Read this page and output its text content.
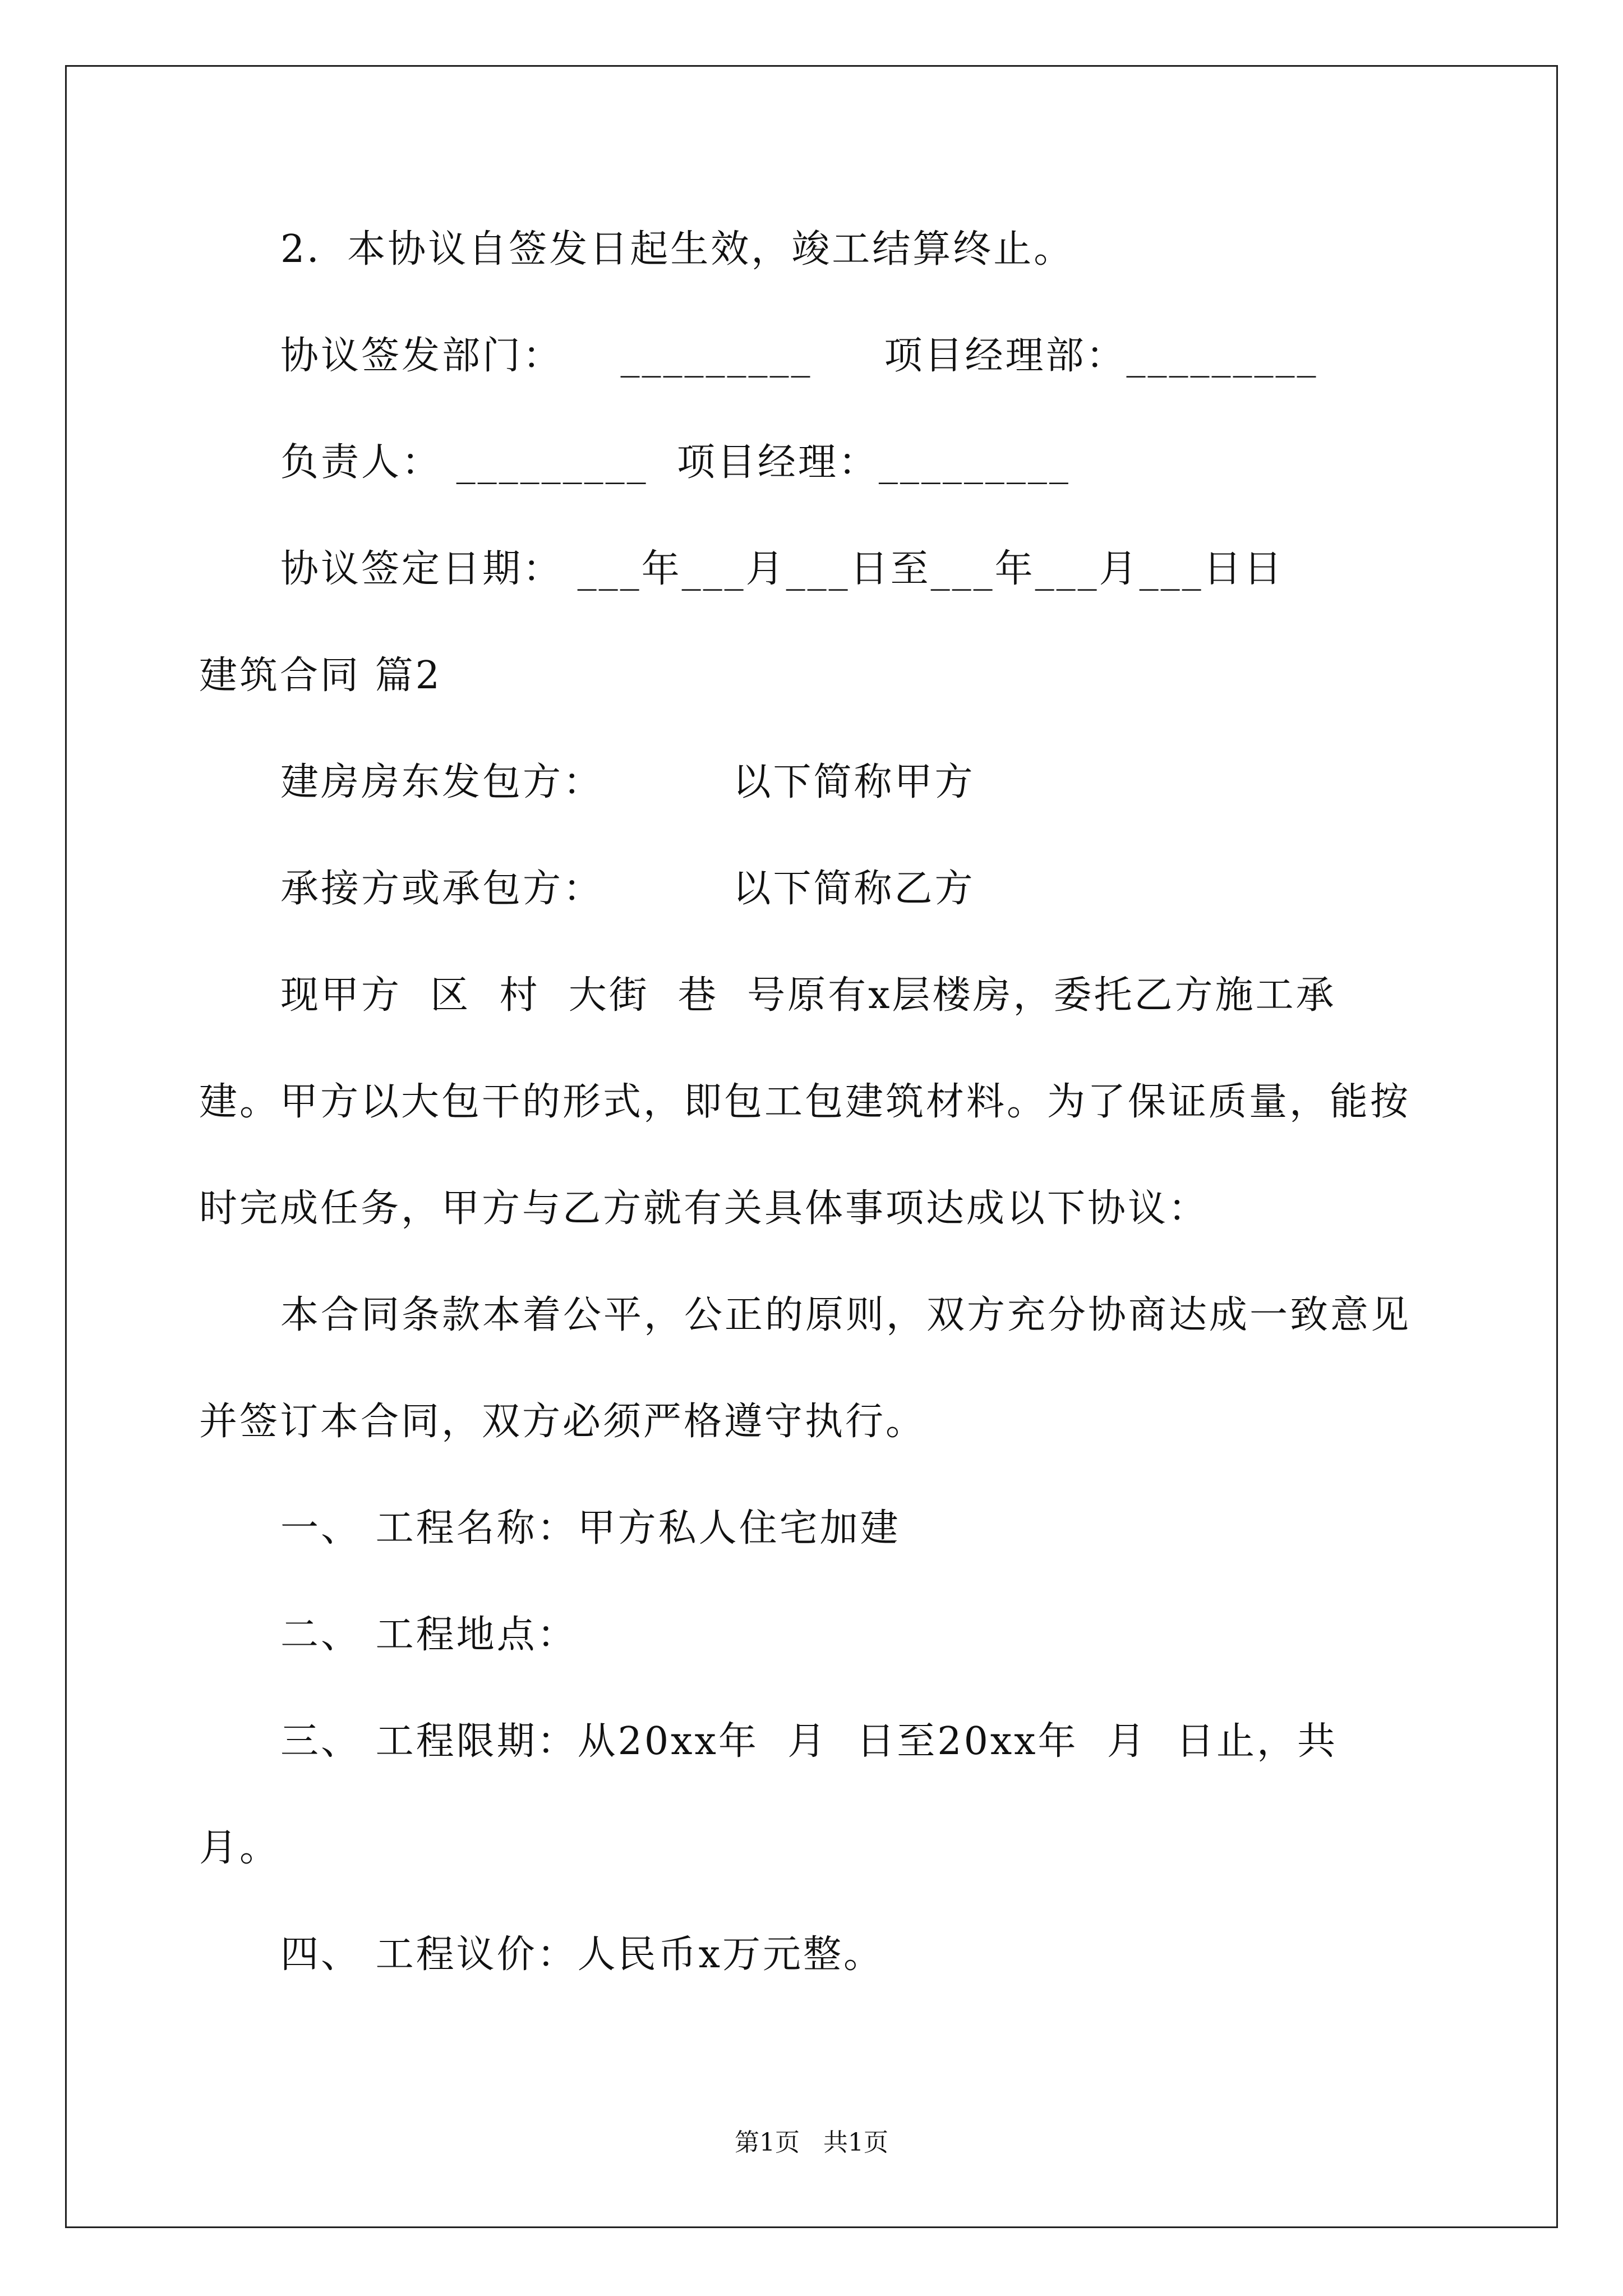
2．本协议自签发日起生效，竣工结算终止。
协议签发部门：    _________     项目经理部：_________
负责人： _________  项目经理：_________
协议签定日期： ___年___月___日至___年___月___日日
建筑合同 篇2
建房房东发包方：         以下简称甲方
承接方或承包方：         以下简称乙方
现甲方  区  村  大街  巷  号原有x层楼房，委托乙方施工承
建。甲方以大包干的形式，即包工包建筑材料。为了保证质量，能按
时完成任务，甲方与乙方就有关具体事项达成以下协议：
本合同条款本着公平，公正的原则，双方充分协商达成一致意见
并签订本合同，双方必须严格遵守执行。
一、 工程名称：甲方私人住宅加建
二、 工程地点：
三、 工程限期：从20xx年  月  日至20xx年  月  日止，共
月。
四、 工程议价：人民币x万元整。
第1页   共1页
